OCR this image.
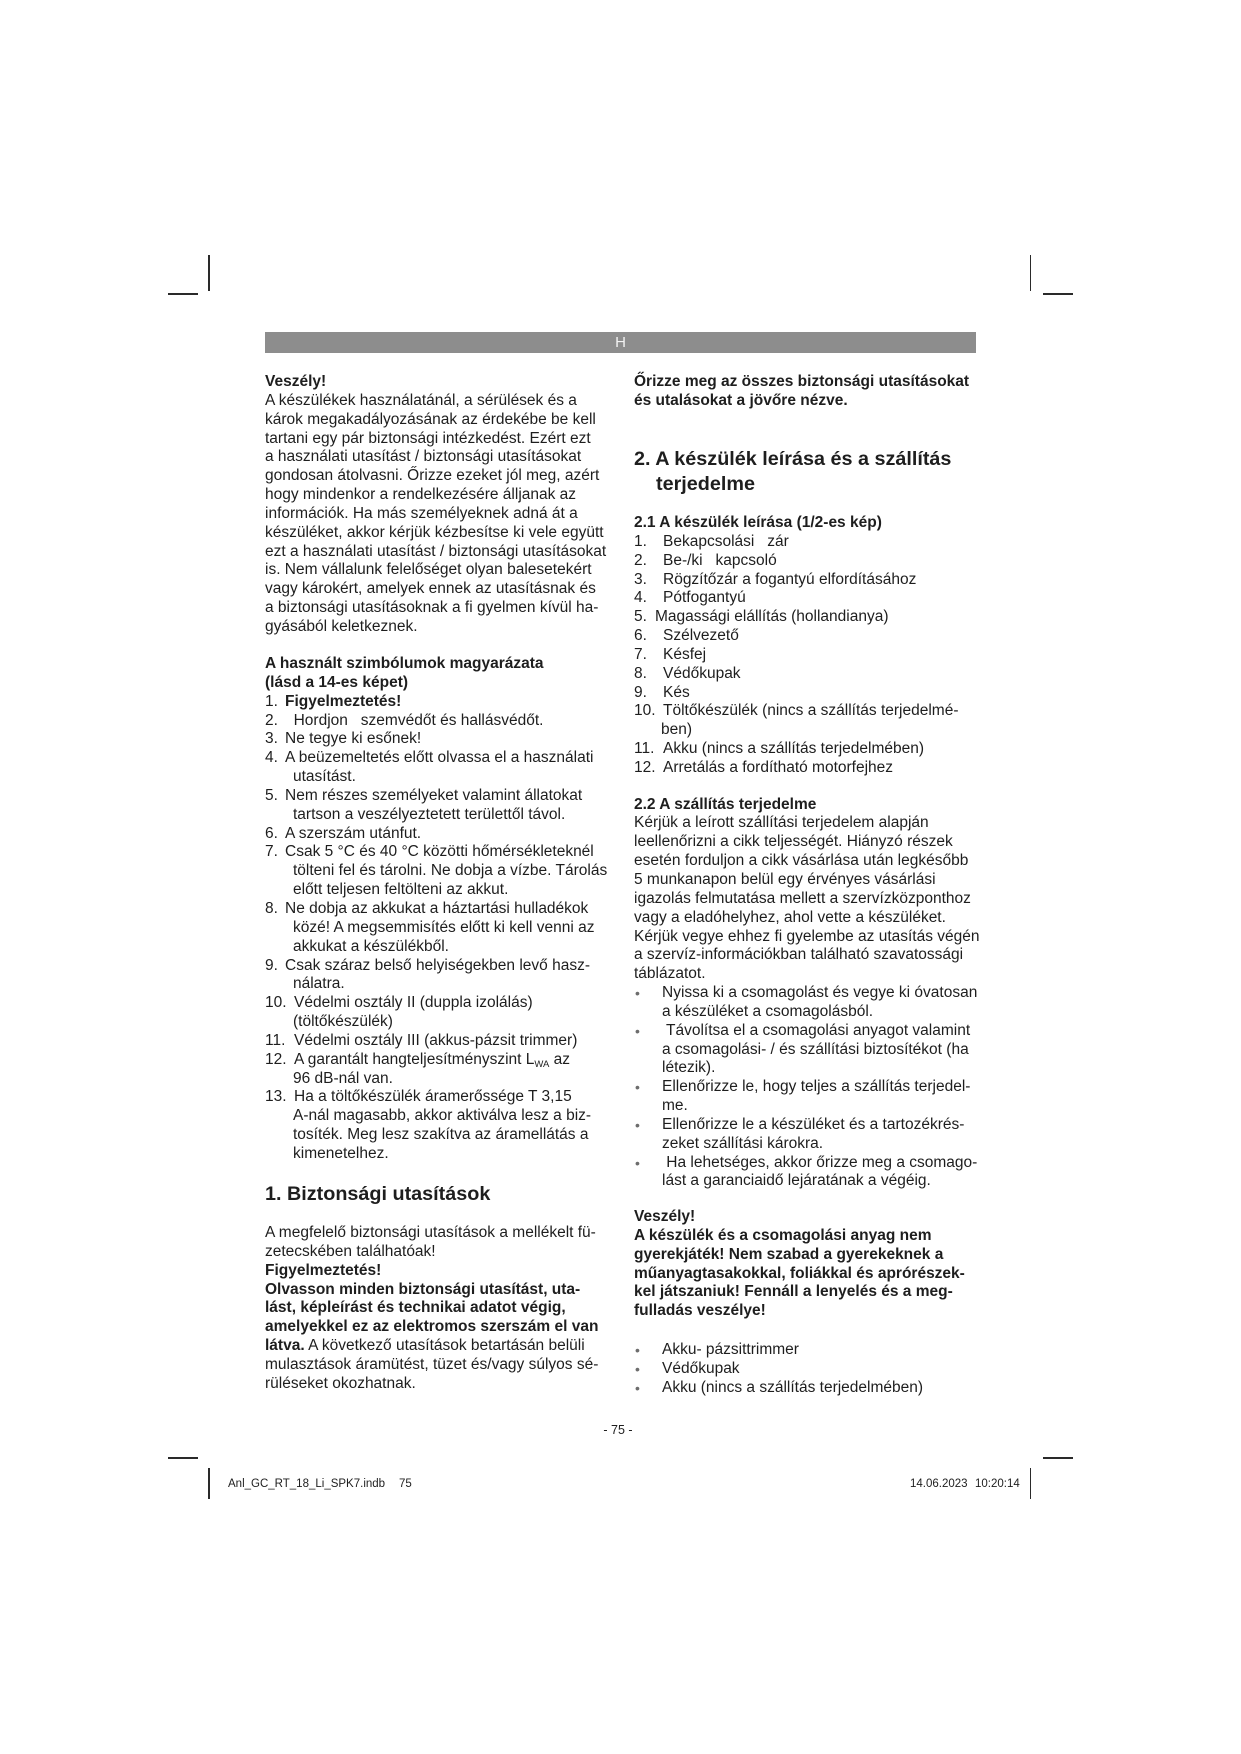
H
Veszély!
A készülékek használatánál, a sérülések és a
károk megakadályozásának az érdekébe be kell
tartani egy pár biztonsági intézkedést. Ezért ezt
a használati utasítást / biztonsági utasításokat
gondosan átolvasni. Őrizze ezeket jól meg, azért
hogy mindenkor a rendelkezésére álljanak az
információk. Ha más személyeknek adná át a
készüléket, akkor kérjük kézbesítse ki vele együtt
ezt a használati utasítást / biztonsági utasításokat
is. Nem vállalunk felelőséget olyan balesetekért
vagy károkért, amelyek ennek az utasításnak és
a biztonsági utasításoknak a fi gyelmen kívül ha-
gyásából keletkeznek.
A használt szimbólumok magyarázata
(lásd a 14-es képet)
1. Figyelmeztetés!
2.  Hordjon   szemvédőt és hallásvédőt.
3. Ne tegye ki esőnek!
4. A beüzemeltetés előtt olvassa el a használati
utasítást.
5. Nem részes személyeket valamint állatokat
tartson a veszélyeztetett területtől távol.
6. A szerszám utánfut.
7. Csak 5 °C és 40 °C közötti hőmérsékleteknél
tölteni fel és tárolni. Ne dobja a vízbe. Tárolás
előtt teljesen feltölteni az akkut.
8. Ne dobja az akkukat a háztartási hulladékok
közé! A megsemmisítés előtt ki kell venni az
akkukat a készülékből.
9. Csak száraz belső helyiségekben levő hasz-
nálatra.
10. Védelmi osztály II (duppla izolálás)
(töltőkészülék)
11. Védelmi osztály III (akkus-pázsit trimmer)
12. A garantált hangteljesítményszint $L_{WA}$ az
96 dB-nál van.
13. Ha a töltőkészülék áramerőssége T 3,15
A-nál magasabb, akkor aktiválva lesz a biz-
tosíték. Meg lesz szakítva az áramellátás a
kimenetelhez.
1. Biztonsági utasítások
A megfelelő biztonsági utasítások a mellékelt fü-
zetecskében találhatóak!
Figyelmeztetés!
Olvasson minden biztonsági utasítást, uta-
lást, képleírást és technikai adatot végig,
amelyekkel ez az elektromos szerszám el van
látva. A következő utasítások betartásán belüli
mulasztások áramütést, tüzet és/vagy súlyos sé-
rüléseket okozhatnak.
Őrizze meg az összes biztonsági utasításokat
és utalásokat a jövőre nézve.
2. A készülék leírása és a szállítás
terjedelme
2.1 A készülék leírása (1/2-es kép)
1. Bekapcsolási   zár
2. Be-/ki   kapcsoló
3. Rögzítőzár a fogantyú elfordításához
4. Pótfogantyú
5. Magassági elállítás (hollandianya)
6. Szélvezető
7. Késfej
8. Védőkupak
9. Kés
10. Töltőkészülék (nincs a szállítás terjedelmé-
ben)
11. Akku (nincs a szállítás terjedelmében)
12. Arretálás a fordítható motorfejhez
2.2 A szállítás terjedelme
Kérjük a leírott szállítási terjedelem alapján
leellenőrizni a cikk teljességét. Hiányzó részek
esetén forduljon a cikk vásárlása után legkésőbb
5 munkanapon belül egy érvényes vásárlási
igazolás felmutatása mellett a szervízközponthoz
vagy a eladóhelyhez, ahol vette a készüléket.
Kérjük vegye ehhez fi gyelembe az utasítás végén
a szervíz-információkban található szavatossági
táblázatot.
• Nyissa ki a csomagolást és vegye ki óvatosan
a készüléket a csomagolásból.
• Távolítsa el a csomagolási anyagot valamint
a csomagolási- / és szállítási biztosítékot (ha
létezik).
• Ellenőrizze le, hogy teljes a szállítás terjedel-
me.
• Ellenőrizze le a készüléket és a tartozékrés-
zeket szállítási károkra.
• Ha lehetséges, akkor őrizze meg a csomago-
lást a garanciaidő lejáratának a végéig.
Veszély!
A készülék és a csomagolási anyag nem
gyerekjáték! Nem szabad a gyerekeknek a
műanyagtasakokkal, foliákkal és aprórészek-
kel játszaniuk! Fennáll a lenyelés és a meg-
fulladás veszélye!
• Akku- pázsittrimmer
• Védőkupak
• Akku (nincs a szállítás terjedelmében)
- 75 -
Anl_GC_RT_18_Li_SPK7.indb 75	14.06.2023 10:20:14
